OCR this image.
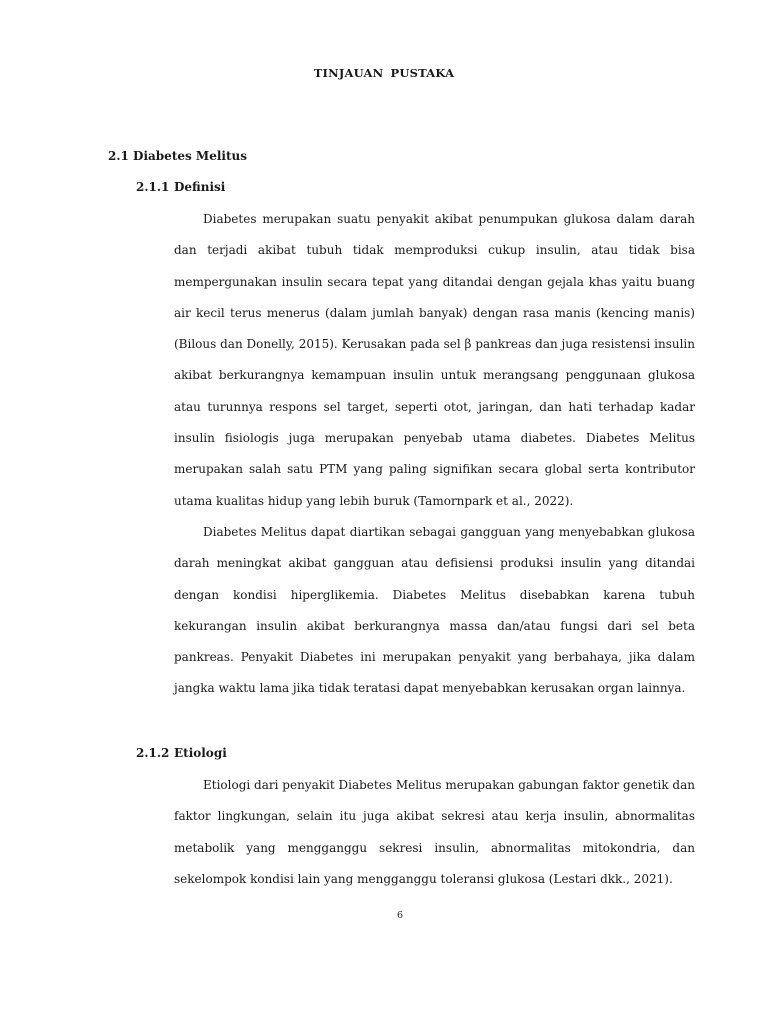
TINJAUAN PUSTAKA
2.1 Diabetes Melitus
2.1.1 Definisi

Diabetes merupakan suatu penyakit akibat penumpukan glukosa dalam darah dan terjadi akibat tubuh tidak memproduksi cukup insulin, atau tidak bisa mempergunakan insulin secara tepat yang ditandai dengan gejala khas yaitu buang air kecil terus menerus (dalam jumlah banyak) dengan rasa manis (kencing manis) (Bilous dan Donelly, 2015). Kerusakan pada sel β pankreas dan juga resistensi insulin akibat berkurangnya kemampuan insulin untuk merangsang penggunaan glukosa atau turunnya respons sel target, seperti otot, jaringan, dan hati terhadap kadar insulin fisiologis juga merupakan penyebab utama diabetes. Diabetes Melitus merupakan salah satu PTM yang paling signifikan secara global serta kontributor utama kualitas hidup yang lebih buruk (Tamornpark et al., 2022).

Diabetes Melitus dapat diartikan sebagai gangguan yang menyebabkan glukosa darah meningkat akibat gangguan atau defisiensi produksi insulin yang ditandai dengan kondisi hiperglikemia. Diabetes Melitus disebabkan karena tubuh kekurangan insulin akibat berkurangnya massa dan/atau fungsi dari sel beta pankreas. Penyakit Diabetes ini merupakan penyakit yang berbahaya, jika dalam jangka waktu lama jika tidak teratasi dapat menyebabkan kerusakan organ lainnya.

2.1.2 Etiologi

Etiologi dari penyakit Diabetes Melitus merupakan gabungan faktor genetik dan faktor lingkungan, selain itu juga akibat sekresi atau kerja insulin, abnormalitas metabolik yang mengganggu sekresi insulin, abnormalitas mitokondria, dan sekelompok kondisi lain yang mengganggu toleransi glukosa (Lestari dkk., 2021).

6
